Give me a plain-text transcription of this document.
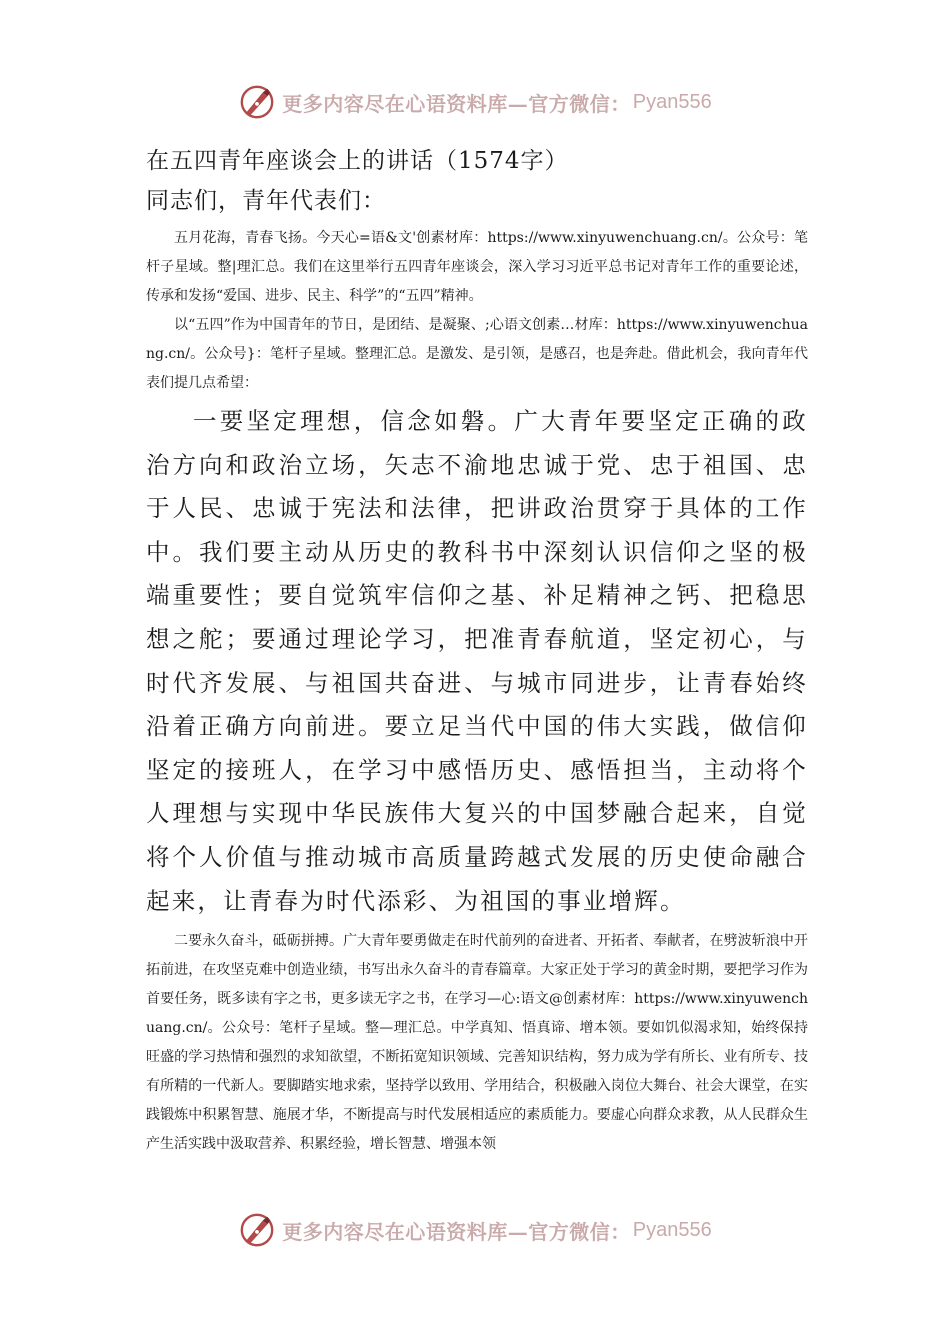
更多内容尽在心语资料库—官方微信： Pyan556
在五四青年座谈会上的讲话（1574字）
同志们，青年代表们：

五月花海，青春飞扬。今天心=语&文'创素材库：https://www.xinyuwenchuang.cn/。公众号：笔杆子星域。整|理汇总。我们在这里举行五四青年座谈会，深入学习习近平总书记对青年工作的重要论述，传承和发扬“爱国、进步、民主、科学”的“五四”精神。

以“五四”作为中国青年的节日，是团结、是凝聚、;心语文创素…材库：https://www.xinyuwenchuang.cn/。公众号}：笔杆子星域。整理汇总。是激发、是引领，是感召，也是奔赴。借此机会，我向青年代表们提几点希望：

一要坚定理想，信念如磐。广大青年要坚定正确的政治方向和政治立场，矢志不渝地忠诚于党、忠于祖国、忠于人民、忠诚于宪法和法律，把讲政治贯穿于具体的工作中。我们要主动从历史的教科书中深刻认识信仰之坚的极端重要性；要自觉筑牢信仰之基、补足精神之钙、把稳思想之舵；要通过理论学习，把准青春航道，坚定初心，与时代齐发展、与祖国共奋进、与城市同进步，让青春始终沿着正确方向前进。要立足当代中国的伟大实践，做信仰坚定的接班人，在学习中感悟历史、感悟担当，主动将个人理想与实现中华民族伟大复兴的中国梦融合起来，自觉将个人价值与推动城市高质量跨越式发展的历史使命融合起来，让青春为时代添彩、为祖国的事业增辉。

二要永久奋斗，砥砺拼搏。广大青年要勇做走在时代前列的奋进者、开拓者、奉献者，在劈波斩浪中开拓前进，在攻坚克难中创造业绩，书写出永久奋斗的青春篇章。大家正处于学习的黄金时期，要把学习作为首要任务，既多读有字之书，更多读无字之书，在学习—心:语文@创素材库：https://www.xinyuwenchuang.cn/。公众号：笔杆子星域。整—理汇总。中学真知、悟真谛、增本领。要如饥似渴求知，始终保持旺盛的学习热情和强烈的求知欲望，不断拓宽知识领域、完善知识结构，努力成为学有所长、业有所专、技有所精的一代新人。要脚踏实地求索，坚持学以致用、学用结合，积极融入岗位大舞台、社会大课堂，在实践锻炼中积累智慧、施展才华，不断提高与时代发展相适应的素质能力。要虚心向群众求教，从人民群众生产生活实践中汲取营养、积累经验，增长智慧、增强本领

更多内容尽在心语资料库—官方微信： Pyan556
